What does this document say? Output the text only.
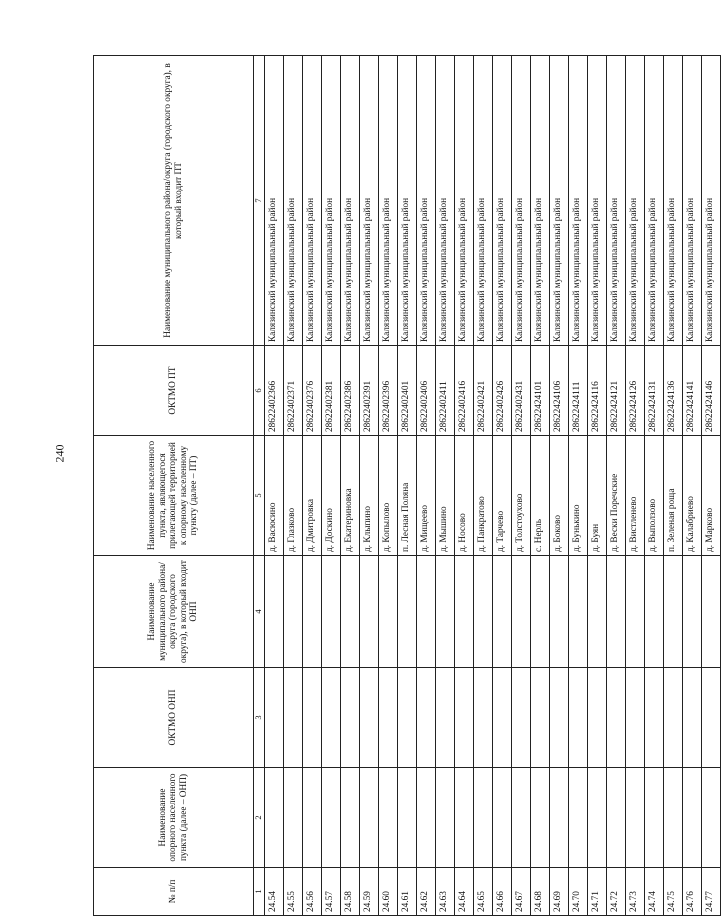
240
№ п/п	Наименование опорного населенного пункта (далее – ОНП)	ОКТМО ОНП	Наименование муниципального района/округа (городского округа), в который входит ОНП	Наименование населенного пункта, являющегося прилегающей территорией к опорному населенному пункту (далее – ПТ)	ОКТМО ПТ	Наименование муниципального района/округа (городского округа), в который входит ПТ
1	2	3	4	5	6	7
24.54				д. Васюсино	28622402366	Калязинский муниципальный район
24.55				д. Глазково	28622402371	Калязинский муниципальный район
24.56				д. Дмитровка	28622402376	Калязинский муниципальный район
24.57				д. Доскино	28622402381	Калязинский муниципальный район
24.58				д. Екатериновка	28622402386	Калязинский муниципальный район
24.59				д. Клыпино	28622402391	Калязинский муниципальный район
24.60				д. Копылово	28622402396	Калязинский муниципальный район
24.61				п. Лесная Поляна	28622402401	Калязинский муниципальный район
24.62				д. Мищеево	28622402406	Калязинский муниципальный район
24.63				д. Мышино	28622402411	Калязинский муниципальный район
24.64				д. Носово	28622402416	Калязинский муниципальный район
24.65				д. Панкратово	28622402421	Калязинский муниципальный район
24.66				д. Тарчево	28622402426	Калязинский муниципальный район
24.67				д. Толстоухово	28622402431	Калязинский муниципальный район
24.68				с. Нерль	28622424101	Калязинский муниципальный район
24.69				д. Боково	28622424106	Калязинский муниципальный район
24.70				д. Бунькино	28622424111	Калязинский муниципальный район
24.71				д. Буян	28622424116	Калязинский муниципальный район
24.72				д. Вески Поречские	28622424121	Калязинский муниципальный район
24.73				д. Вистленево	28622424126	Калязинский муниципальный район
24.74				д. Выползово	28622424131	Калязинский муниципальный район
24.75				п. Зеленая роща	28622424136	Калязинский муниципальный район
24.76				д. Калабриево	28622424141	Калязинский муниципальный район
24.77				д. Марково	28622424146	Калязинский муниципальный район
